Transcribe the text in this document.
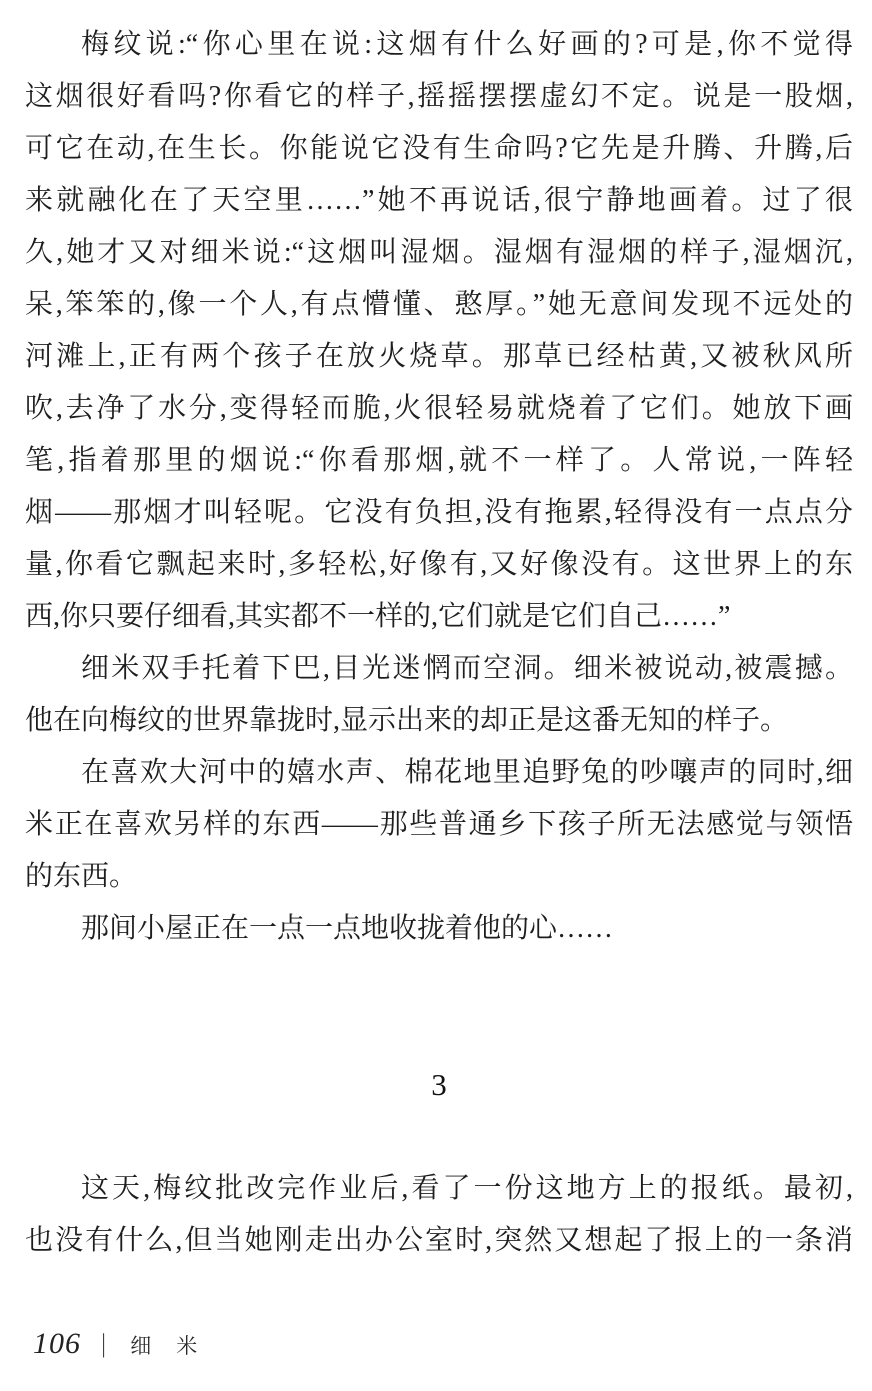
梅纹说:“你心里在说:这烟有什么好画的?可是,你不觉得
这烟很好看吗?你看它的样子,摇摇摆摆虚幻不定。说是一股烟,
可它在动,在生长。你能说它没有生命吗?它先是升腾、升腾,后
来就融化在了天空里……”她不再说话,很宁静地画着。过了很
久,她才又对细米说:“这烟叫湿烟。湿烟有湿烟的样子,湿烟沉,
呆,笨笨的,像一个人,有点懵懂、憨厚。”她无意间发现不远处的
河滩上,正有两个孩子在放火烧草。那草已经枯黄,又被秋风所
吹,去净了水分,变得轻而脆,火很轻易就烧着了它们。她放下画
笔,指着那里的烟说:“你看那烟,就不一样了。人常说,一阵轻
烟——那烟才叫轻呢。它没有负担,没有拖累,轻得没有一点点分
量,你看它飘起来时,多轻松,好像有,又好像没有。这世界上的东
西,你只要仔细看,其实都不一样的,它们就是它们自己……”
细米双手托着下巴,目光迷惘而空洞。细米被说动,被震撼。
他在向梅纹的世界靠拢时,显示出来的却正是这番无知的样子。
在喜欢大河中的嬉水声、棉花地里追野兔的吵嚷声的同时,细
米正在喜欢另样的东西——那些普通乡下孩子所无法感觉与领悟
的东西。
那间小屋正在一点一点地收拢着他的心……
3
这天,梅纹批改完作业后,看了一份这地方上的报纸。最初,
也没有什么,但当她刚走出办公室时,突然又想起了报上的一条消
106 | 细　米
